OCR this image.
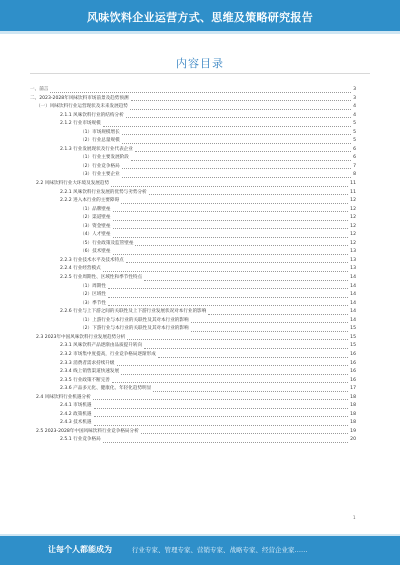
风味饮料企业运营方式、思维及策略研究报告
内容目录
一、前言	3
二、2023-2028年风味饮料市场前景及趋势预测	3
（一）风味饮料行业运营现状及未来发展趋势	4
2.1.1 风味饮料行业的结构分析	4
2.1.2 行业市场规模	5
（1）市场规模增长	5
（2）行业总量规模	5
2.1.3 行业发展现状及行业代表企业	6
（1）行业主要发展阶段	6
（2）行业竞争格局	7
（3）行业主要企业	8
2.2 风味饮料行业大环境及发展趋势	11
2.2.1 风味饮料行业发展的优势与劣势分析	11
2.2.2 进入本行业的主要障碍	12
（1）品牌壁垒	12
（2）渠道壁垒	12
（3）资金壁垒	12
（4）人才壁垒	12
（5）行业政策及监管壁垒	12
（6）技术壁垒	13
2.2.3 行业技术水平及技术特点	13
2.2.4 行业经营模式	13
2.2.5 行业周期性、区域性和季节性特点	14
（1）周期性	14
（2）区域性	14
（3）季节性	14
2.2.6 行业与上下游之间的关联性及上下游行业发展状况对本行业的影响	14
（1）上游行业与本行业的关联性及其对本行业的影响	14
（2）下游行业与本行业的关联性及其对本行业的影响	15
2.3 2023年中国风味饮料行业发展趋势分析	15
2.3.1 风味饮料产品逐渐由品质提升转向	15
2.3.2 市场集中度提高，行业竞争格局逐渐形成	16
2.3.3 消费者需求持续升级	16
2.3.4 线上销售渠道快速发展	16
2.3.5 行业政策不断完善	16
2.3.6 产品多元化、健康化、年轻化趋势明显	17
2.4 风味饮料行业机遇分析	18
2.4.1 市场机遇	18
2.4.2 政策机遇	18
2.4.3 技术机遇	18
2.5 2023-2028年中国风味饮料行业竞争格局分析	19
2.5.1 行业竞争格局	20
1
让每个人都能成为	行业专家、管理专家、营销专家、战略专家、经营企业家……
